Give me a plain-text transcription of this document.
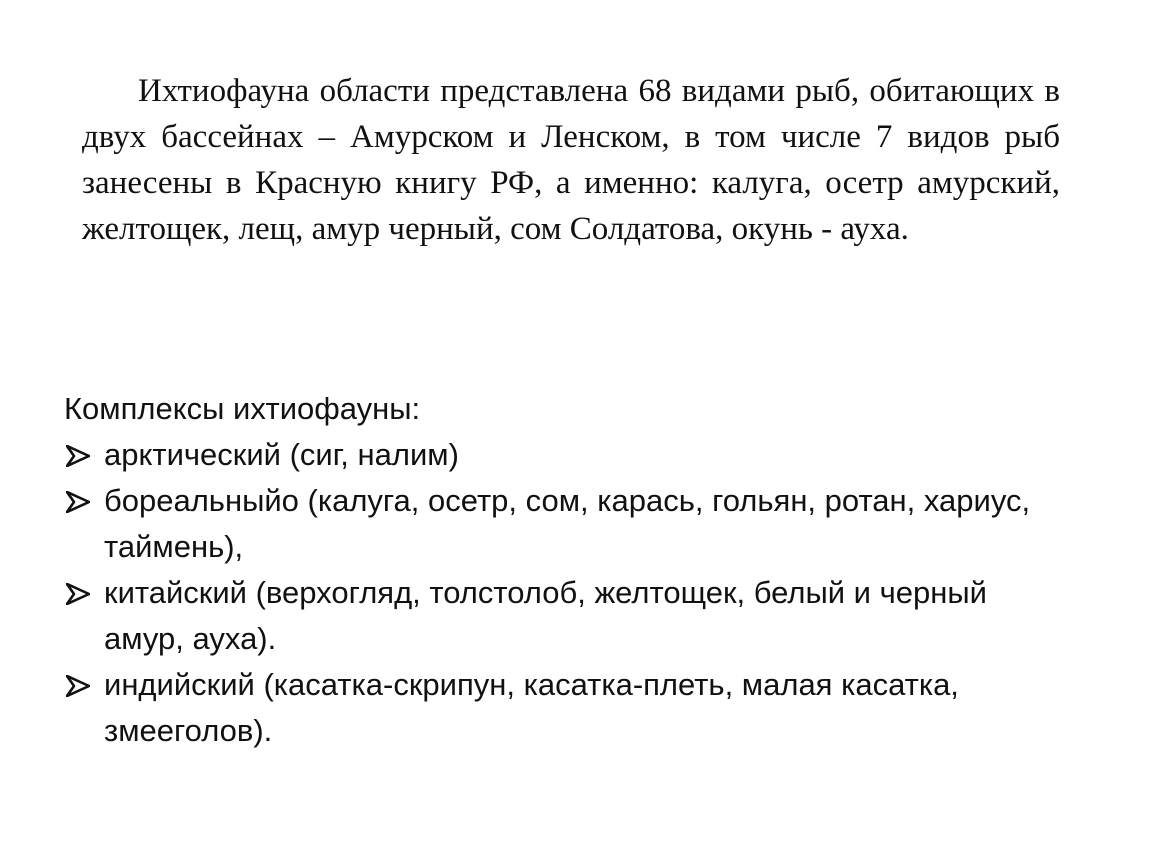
Ихтиофауна области представлена 68 видами рыб, обитающих в двух бассейнах – Амурском и Ленском, в том числе 7 видов рыб занесены в Красную книгу РФ, а именно: калуга, осетр амурский, желтощек, лещ, амур черный, сом Солдатова, окунь - ауха.

Комплексы ихтиофауны:

арктический (сиг, налим)
бореальныйо (калуга, осетр, сом, карась, гольян, ротан, хариус, таймень),
китайский (верхогляд, толстолоб, желтощек, белый и черный амур, ауха).
индийский (касатка-скрипун, касатка-плеть, малая касатка, змееголов).
